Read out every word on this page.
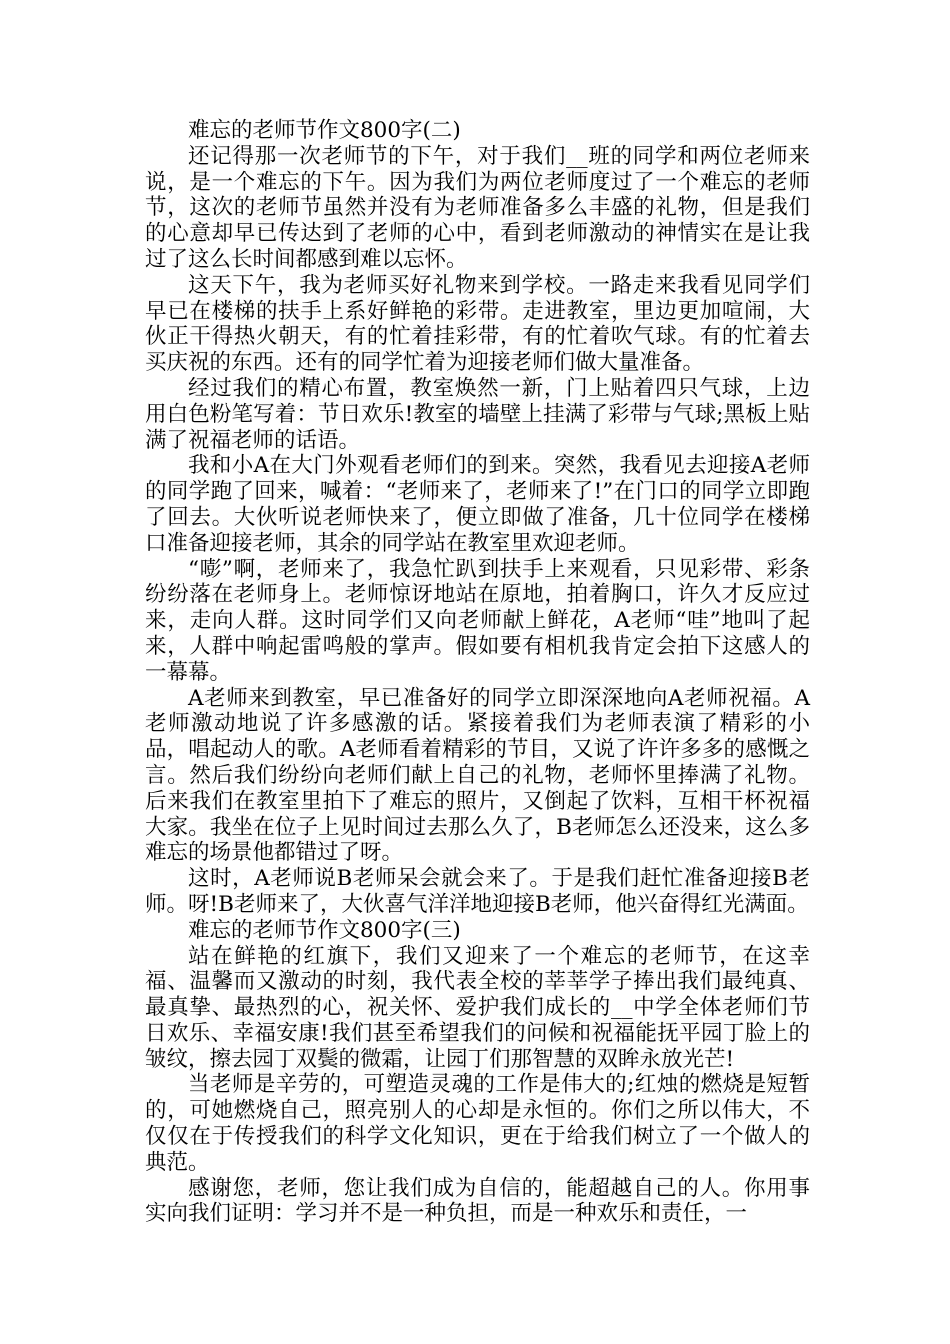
难忘的老师节作文800字(二)

还记得那一次老师节的下午，对于我们__班的同学和两位老师来说，是一个难忘的下午。因为我们为两位老师度过了一个难忘的老师节，这次的老师节虽然并没有为老师准备多么丰盛的礼物，但是我们的心意却早已传达到了老师的心中，看到老师激动的神情实在是让我过了这么长时间都感到难以忘怀。

这天下午，我为老师买好礼物来到学校。一路走来我看见同学们早已在楼梯的扶手上系好鲜艳的彩带。走进教室，里边更加喧闹，大伙正干得热火朝天，有的忙着挂彩带，有的忙着吹气球。有的忙着去买庆祝的东西。还有的同学忙着为迎接老师们做大量准备。

经过我们的精心布置，教室焕然一新，门上贴着四只气球，上边用白色粉笔写着：节日欢乐!教室的墙壁上挂满了彩带与气球;黑板上贴满了祝福老师的话语。

我和小A在大门外观看老师们的到来。突然，我看见去迎接A老师的同学跑了回来，喊着：“老师来了，老师来了!”在门口的同学立即跑了回去。大伙听说老师快来了，便立即做了准备，几十位同学在楼梯口准备迎接老师，其余的同学站在教室里欢迎老师。

“嘭”啊，老师来了，我急忙趴到扶手上来观看，只见彩带、彩条纷纷落在老师身上。老师惊讶地站在原地，拍着胸口，许久才反应过来，走向人群。这时同学们又向老师献上鲜花，A老师“哇”地叫了起来，人群中响起雷鸣般的掌声。假如要有相机我肯定会拍下这感人的一幕幕。

A老师来到教室，早已准备好的同学立即深深地向A老师祝福。A老师激动地说了许多感激的话。紧接着我们为老师表演了精彩的小品，唱起动人的歌。A老师看着精彩的节目，又说了许许多多的感慨之言。然后我们纷纷向老师们献上自己的礼物，老师怀里捧满了礼物。后来我们在教室里拍下了难忘的照片，又倒起了饮料，互相干杯祝福大家。我坐在位子上见时间过去那么久了，B老师怎么还没来，这么多难忘的场景他都错过了呀。

这时，A老师说B老师呆会就会来了。于是我们赶忙准备迎接B老师。呀!B老师来了，大伙喜气洋洋地迎接B老师，他兴奋得红光满面。

难忘的老师节作文800字(三)

站在鲜艳的红旗下，我们又迎来了一个难忘的老师节，在这幸福、温馨而又激动的时刻，我代表全校的莘莘学子捧出我们最纯真、最真挚、最热烈的心，祝关怀、爱护我们成长的__中学全体老师们节日欢乐、幸福安康!我们甚至希望我们的问候和祝福能抚平园丁脸上的皱纹，擦去园丁双鬓的微霜，让园丁们那智慧的双眸永放光芒!

当老师是辛劳的，可塑造灵魂的工作是伟大的;红烛的燃烧是短暂的，可她燃烧自己，照亮别人的心却是永恒的。你们之所以伟大，不仅仅在于传授我们的科学文化知识，更在于给我们树立了一个做人的典范。

感谢您，老师，您让我们成为自信的，能超越自己的人。你用事实向我们证明：学习并不是一种负担，而是一种欢乐和责任，一
